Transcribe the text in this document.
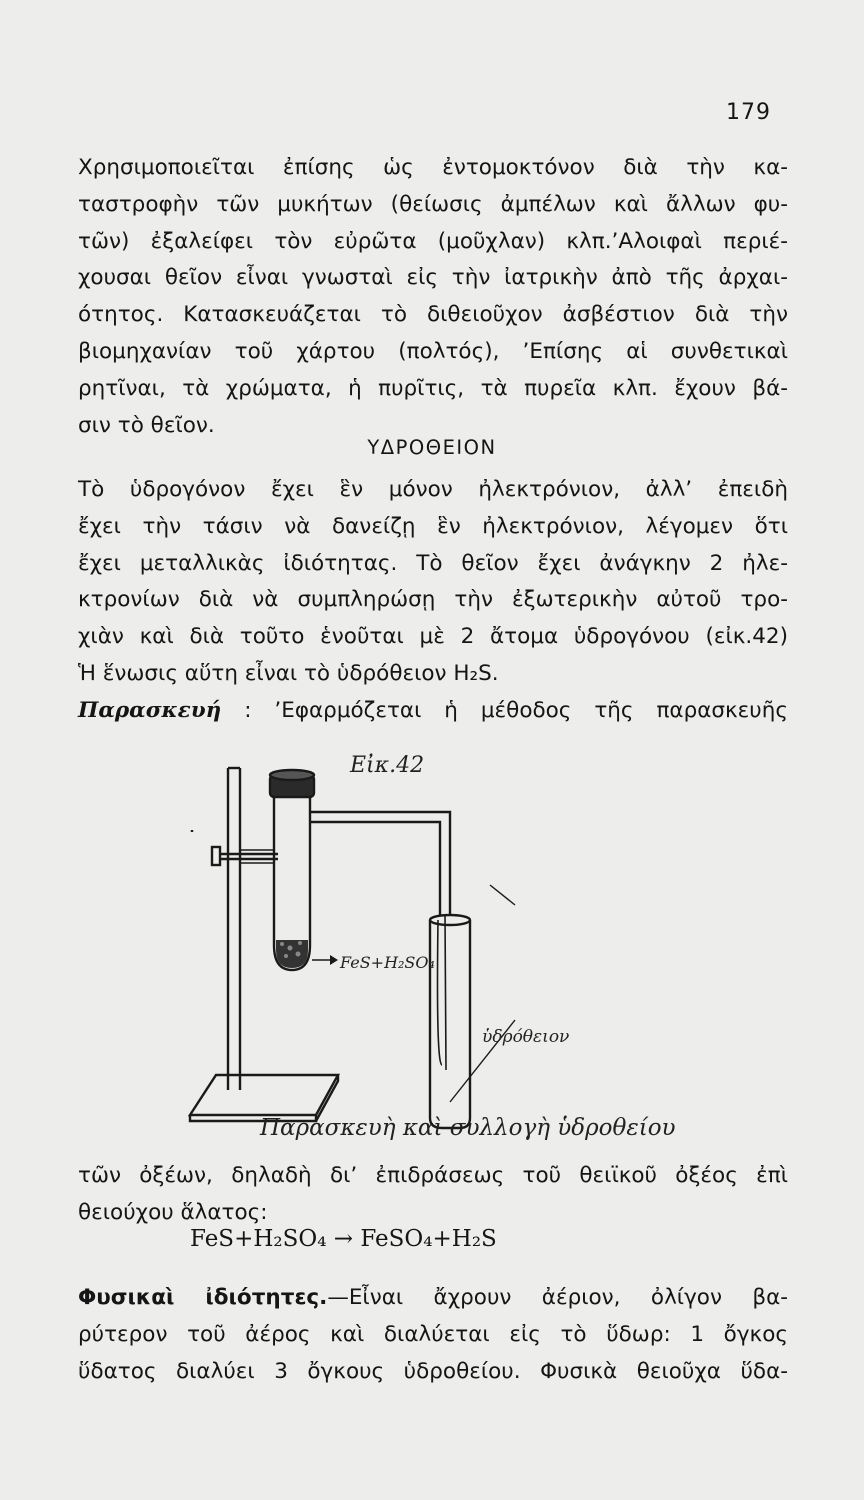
179
Χρησιμοποιεῖται ἐπίσης ὡς ἐντομοκτόνον διὰ τὴν κα-
ταστροφὴν τῶν μυκήτων (θείωσις ἀμπέλων καὶ ἄλλων φυ-
τῶν) ἐξαλείφει τὸν εὐρῶτα (μοῦχλαν) κλπ.’Αλοιφαὶ περιέ-
χουσαι θεῖον εἶναι γνωσταὶ εἰς τὴν ἰατρικὴν ἀπὸ τῆς ἀρχαι-
ότητος. Κατασκευάζεται τὸ διθειοῦχον ἀσβέστιον διὰ τὴν
βιομηχανίαν τοῦ χάρτου (πολτός), ’Επίσης αἱ συνθετικαὶ
ρητῖναι, τὰ χρώματα, ἡ πυρῖτις, τὰ πυρεῖα κλπ. ἔχουν βά-
σιν τὸ θεῖον.
ΥΔΡΟΘΕΙΟΝ
Τὸ ὑδρογόνον ἔχει ἓν μόνον ἠλεκτρόνιον, ἀλλ’ ἐπειδὴ
ἔχει τὴν τάσιν νὰ δανείζῃ ἓν ἠλεκτρόνιον, λέγομεν ὅτι
ἔχει μεταλλικὰς ἰδιότητας. Τὸ θεῖον ἔχει ἀνάγκην 2 ἠλε-
κτρονίων διὰ νὰ συμπληρώσῃ τὴν ἐξωτερικὴν αὐτοῦ τρο-
χιὰν καὶ διὰ τοῦτο ἑνοῦται μὲ 2 ἄτομα ὑδρογόνου (εἰκ.42)
Ἡ ἕνωσις αὕτη εἶναι τὸ ὑδρόθειον H₂S.
Παρασκευή : ’Εφαρμόζεται ἡ μέθοδος τῆς παρασκευῆς
Εἰκ.42
FeS+H₂SO₄
ὑδρόθειον
Παρασκευὴ καὶ συλλογὴ ὑδροθείου
τῶν ὀξέων, δηλαδὴ δι’ ἐπιδράσεως τοῦ θειϊκοῦ ὀξέος ἐπὶ
θειούχου ἅλατος:
FeS+H₂SO₄ → FeSO₄+H₂S
Φυσικαὶ ἰδιότητες.—Εἶναι ἄχρουν ἀέριον, ὀλίγον βα-
ρύτερον τοῦ ἀέρος καὶ διαλύεται εἰς τὸ ὕδωρ: 1 ὄγκος
ὕδατος διαλύει 3 ὄγκους ὑδροθείου. Φυσικὰ θειοῦχα ὕδα-
